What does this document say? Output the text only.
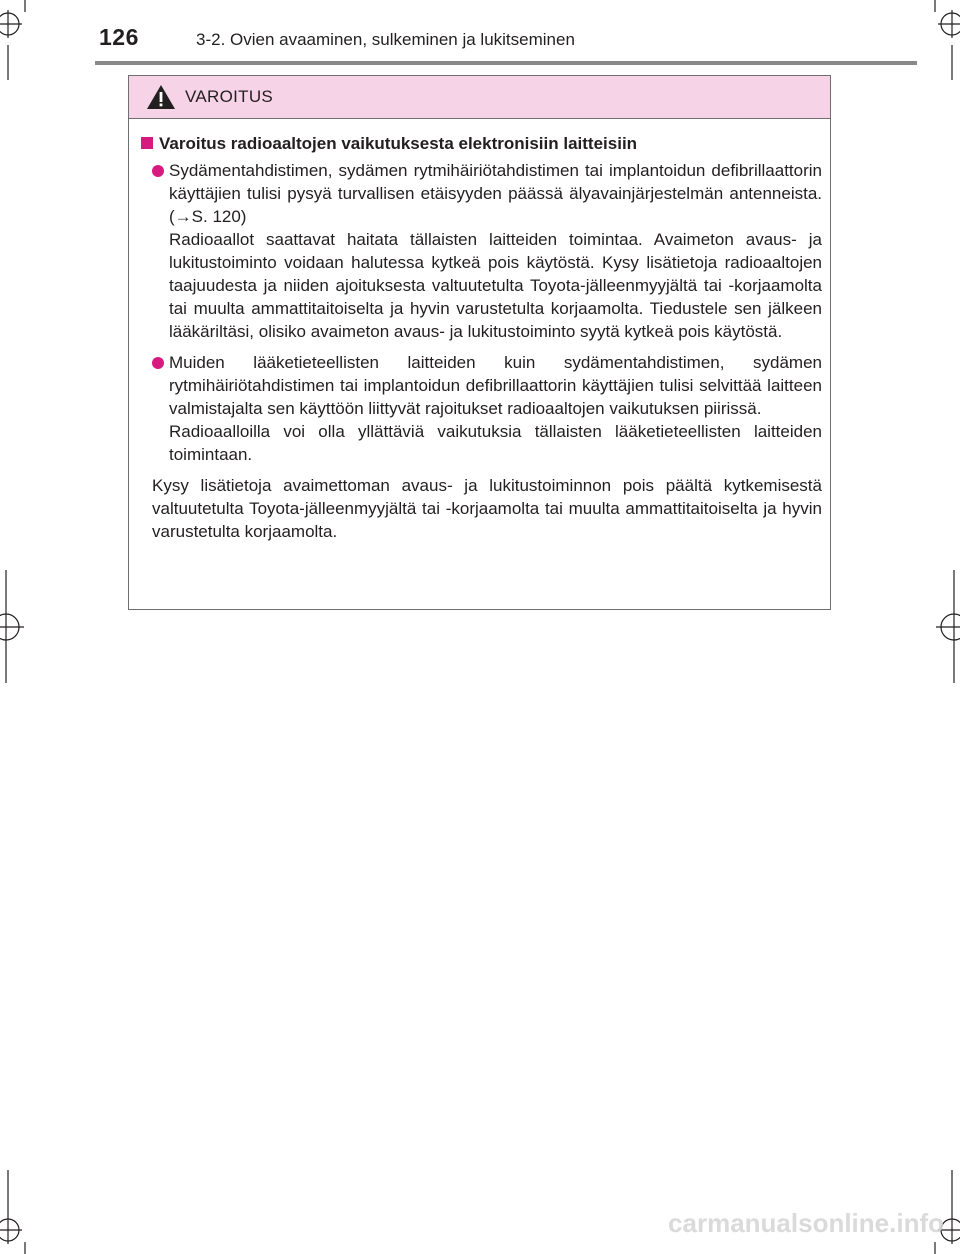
carmanualsonline.info
126	3-2. Ovien avaaminen, sulkeminen ja lukitseminen
VAROITUS
Varoitus radioaaltojen vaikutuksesta elektronisiin laitteisiin

Sydämentahdistimen, sydämen rytmihäiriötahdistimen tai implantoidun defibrillaattorin käyttäjien tulisi pysyä turvallisen etäisyyden päässä älyavainjärjestelmän antenneista. (→S. 120)

Radioaallot saattavat haitata tällaisten laitteiden toimintaa. Avaimeton avaus- ja lukitustoiminto voidaan halutessa kytkeä pois käytöstä. Kysy lisätietoja radioaaltojen taajuudesta ja niiden ajoituksesta valtuutetulta Toyota-jälleenmyyjältä tai -korjaamolta tai muulta ammattitaitoiselta ja hyvin varustetulta korjaamolta. Tiedustele sen jälkeen lääkäriltäsi, olisiko avaimeton avaus- ja lukitustoiminto syytä kytkeä pois käytöstä.

Muiden lääketieteellisten laitteiden kuin sydämentahdistimen, sydämen rytmihäiriötahdistimen tai implantoidun defibrillaattorin käyttäjien tulisi selvittää laitteen valmistajalta sen käyttöön liittyvät rajoitukset radioaaltojen vaikutuksen piirissä.

Radioaalloilla voi olla yllättäviä vaikutuksia tällaisten lääketieteellisten laitteiden toimintaan.

Kysy lisätietoja avaimettoman avaus- ja lukitustoiminnon pois päältä kytkemisestä valtuutetulta Toyota-jälleenmyyjältä tai -korjaamolta tai muulta ammattitaitoiselta ja hyvin varustetulta korjaamolta.
